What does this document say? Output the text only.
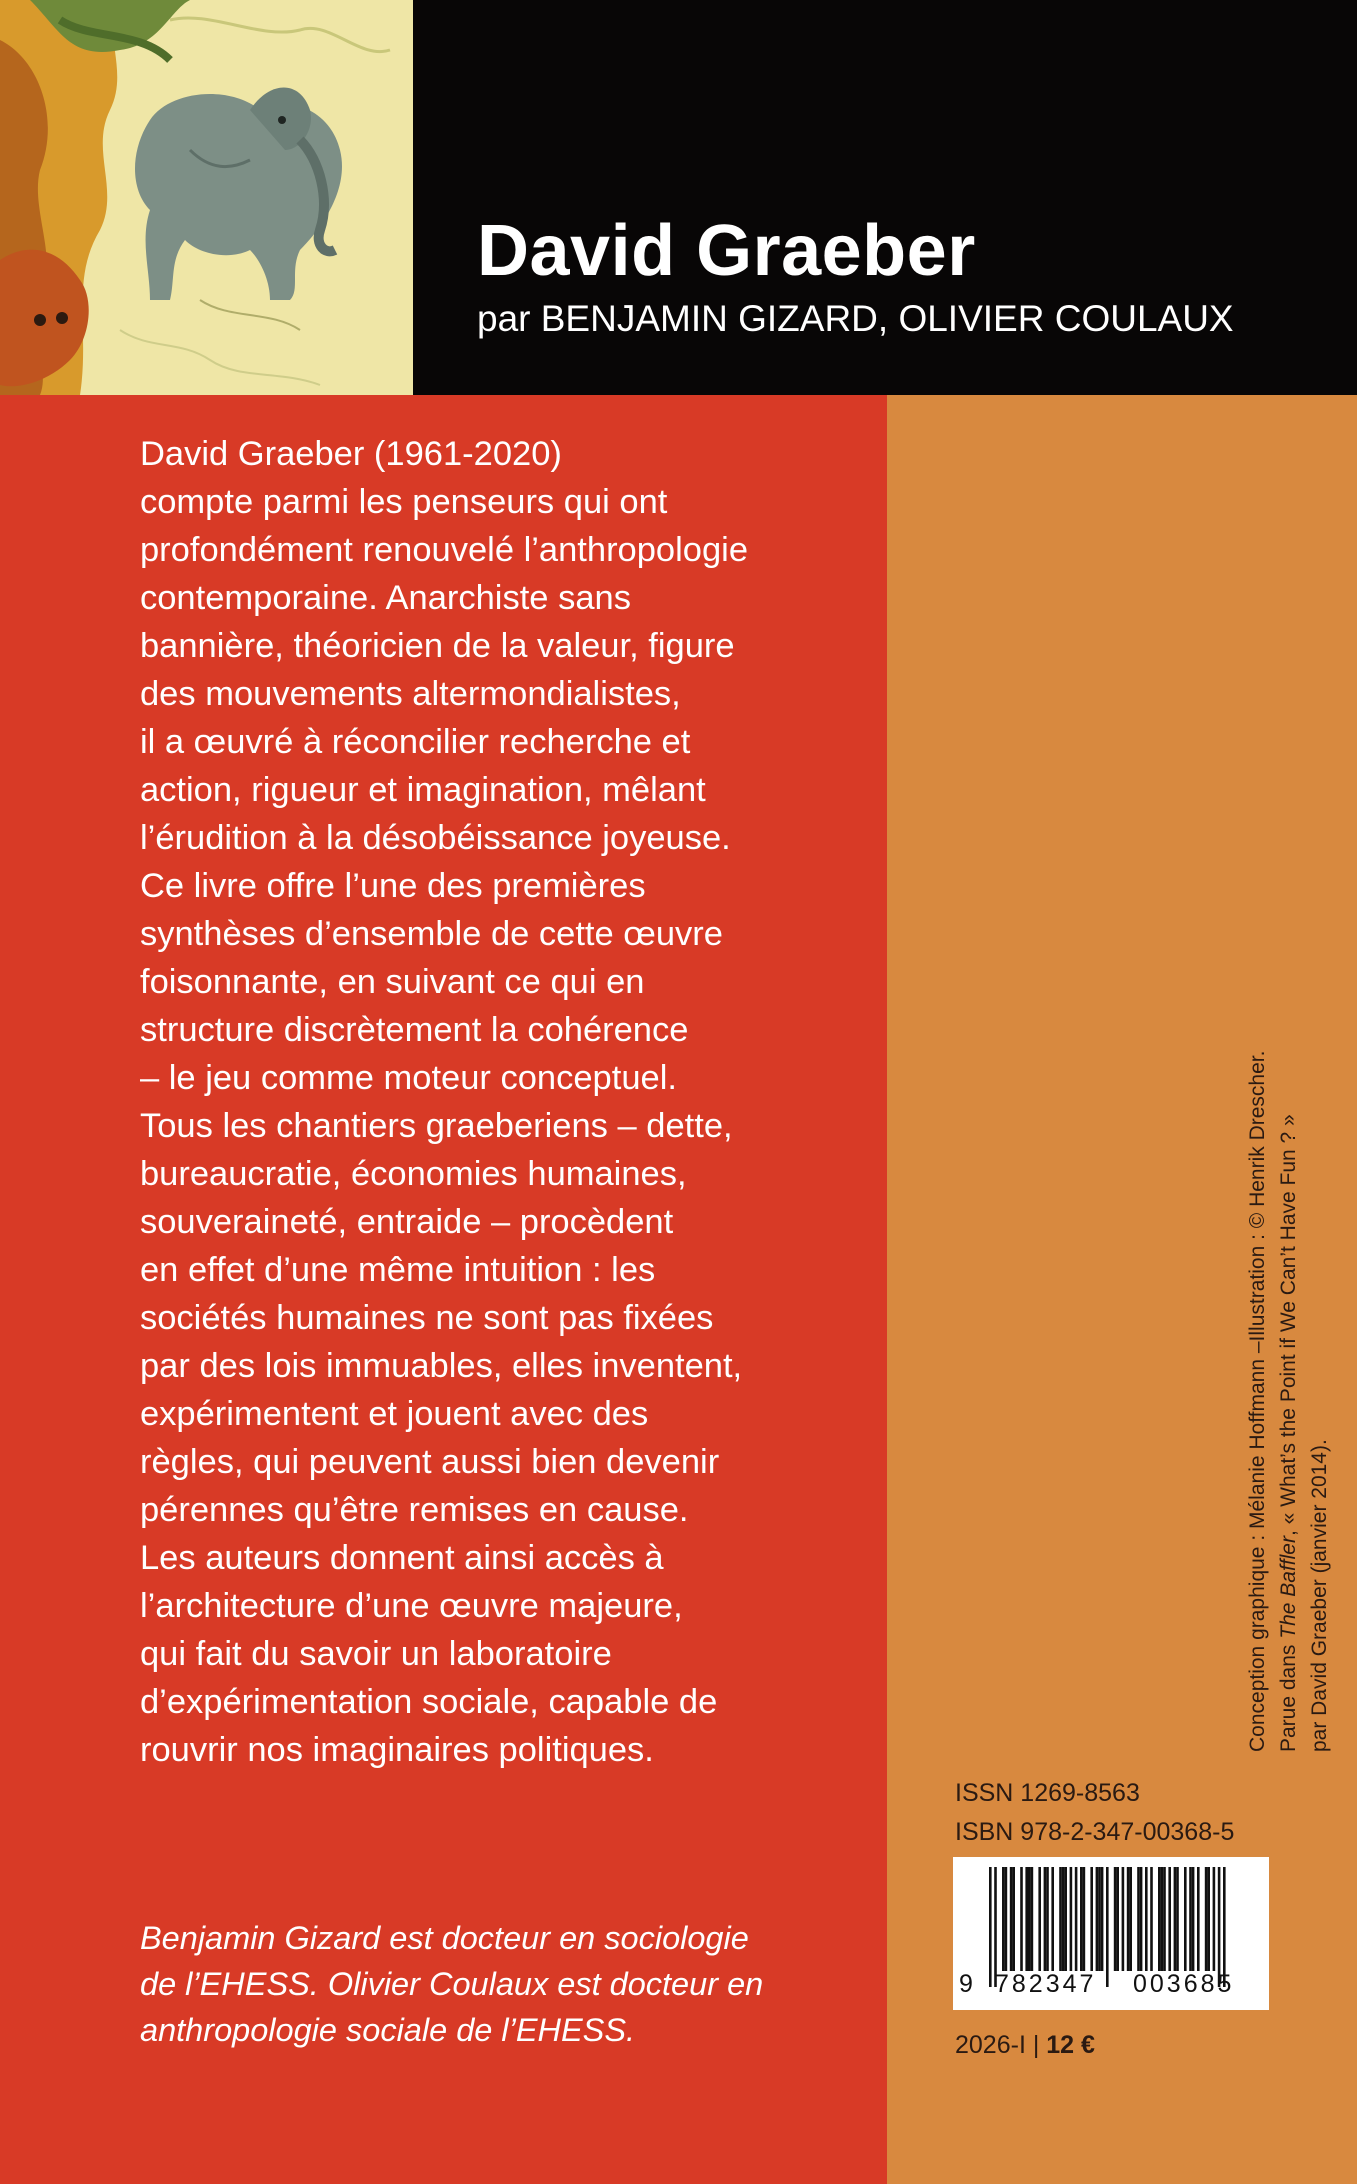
David Graeber

par BENJAMIN GIZARD, OLIVIER COULAUX

David Graeber (1961-2020)
compte parmi les penseurs qui ont
profondément renouvelé l’anthropologie
contemporaine. Anarchiste sans
bannière, théoricien de la valeur, figure
des mouvements altermondialistes,
il a œuvré à réconcilier recherche et
action, rigueur et imagination, mêlant
l’érudition à la désobéissance joyeuse.
Ce livre offre l’une des premières
synthèses d’ensemble de cette œuvre
foisonnante, en suivant ce qui en
structure discrètement la cohérence
– le jeu comme moteur conceptuel.
Tous les chantiers graeberiens – dette,
bureaucratie, économies humaines,
souveraineté, entraide – procèdent
en effet d’une même intuition : les
sociétés humaines ne sont pas fixées
par des lois immuables, elles inventent,
expérimentent et jouent avec des
règles, qui peuvent aussi bien devenir
pérennes qu’être remises en cause.
Les auteurs donnent ainsi accès à
l’architecture d’une œuvre majeure,
qui fait du savoir un laboratoire
d’expérimentation sociale, capable de
rouvrir nos imaginaires politiques.
Benjamin Gizard est docteur en sociologie
de l’EHESS. Olivier Coulaux est docteur en
anthropologie sociale de l’EHESS.
Conception graphique : Mélanie Hoffmann –Illustration : © Henrik Drescher. Parue dans The Baffler, « What’s the Point if We Can’t Have Fun ? »
par David Graeber (janvier 2014).
ISSN 1269-8563
ISBN 978-2-347-00368-5
9 782347 003685
2026-I | 12 €
